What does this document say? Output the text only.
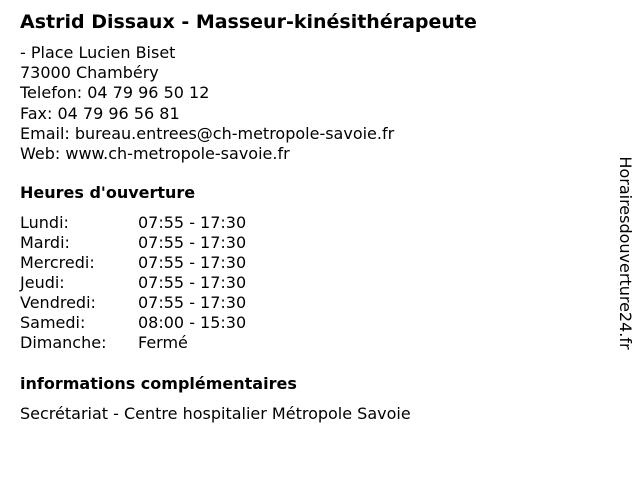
Astrid Dissaux - Masseur-kinésithérapeute
- Place Lucien Biset
73000 Chambéry
Telefon: 04 79 96 50 12
Fax: 04 79 96 56 81
Email: bureau.entrees@ch-metropole-savoie.fr
Web: www.ch-metropole-savoie.fr
Heures d'ouverture
Lundi:	07:55 - 17:30
Mardi:	07:55 - 17:30
Mercredi:	07:55 - 17:30
Jeudi:	07:55 - 17:30
Vendredi:	07:55 - 17:30
Samedi:	08:00 - 15:30
Dimanche: Fermé
informations complémentaires
Secrétariat - Centre hospitalier Métropole Savoie
Horairesdouverture24.fr
